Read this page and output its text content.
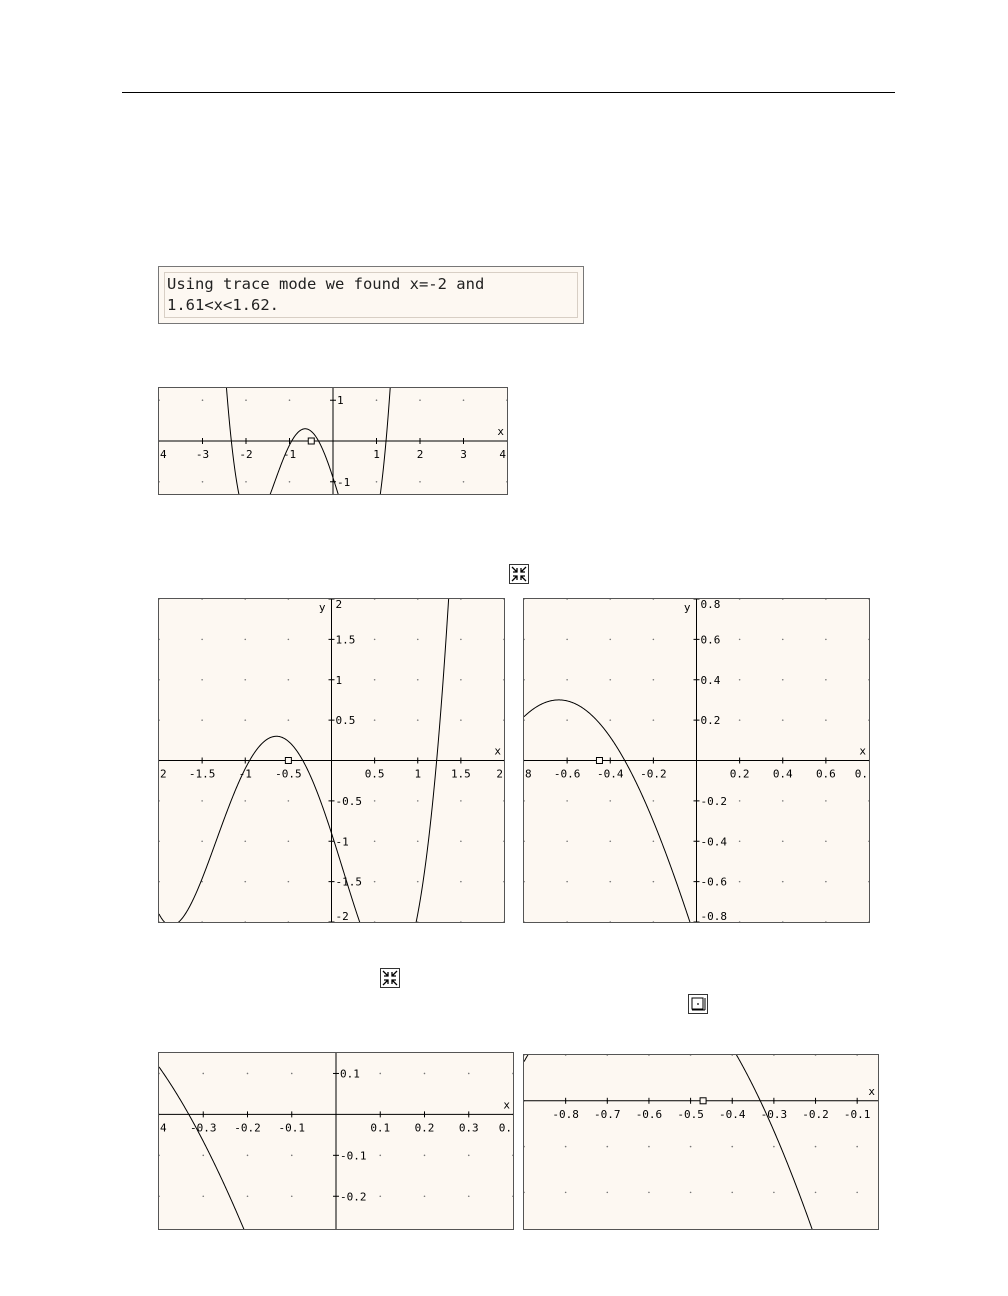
Using trace mode we found x=-2 and
1.61<x<1.62.
-3	-2	-1	1	2	3
4	4
1
-1
x
-1.5 -1 -0.5	0.5	1	1.5
2	2
2
1.5
1
0.5
-0.5
-1
-1.5
-2
x
y
-0.6 -0.4 -0.2	0.2 0.4 0.6
8	0.
0.8
0.6
0.4
0.2
-0.2
-0.4
-0.6
-0.8
x
y
-0.3 -0.2 -0.1	0.1 0.2 0.3
4	0.
0.1
-0.1
-0.2
x
-0.8 -0.7 -0.6 -0.5 -0.4 -0.3 -0.2 -0.1
x
